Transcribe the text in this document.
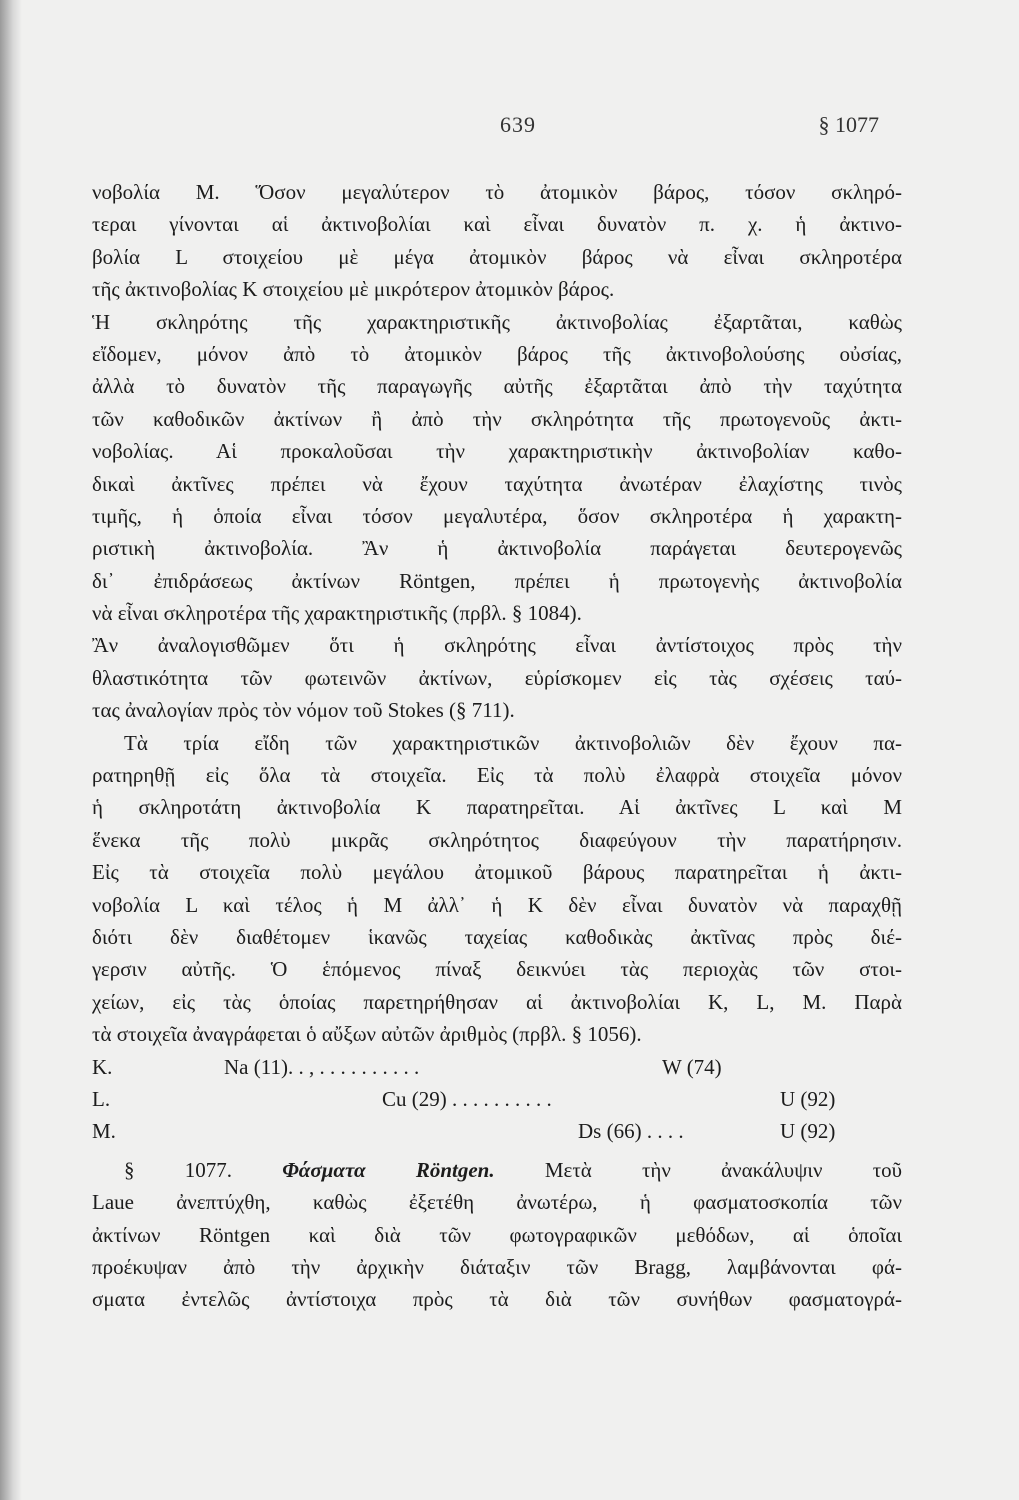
639	§ 1077
νοβολία Μ. Ὅσον μεγαλύτερον τὸ ἀτομικὸν βάρος, τόσον σκληρό-
τεραι γίνονται αἱ ἀκτινοβολίαι καὶ εἶναι δυνατὸν π. χ. ἡ ἀκτινο-
βολία L στοιχείου μὲ μέγα ἀτομικὸν βάρος νὰ εἶναι σκληροτέρα
τῆς ἀκτινοβολίας Κ στοιχείου μὲ μικρότερον ἀτομικὸν βάρος.
Ἡ σκληρότης τῆς χαρακτηριστικῆς ἀκτινοβολίας ἐξαρτᾶται, καθὼς
εἴδομεν, μόνον ἀπὸ τὸ ἀτομικὸν βάρος τῆς ἀκτινοβολούσης οὐσίας,
ἀλλὰ τὸ δυνατὸν τῆς παραγωγῆς αὐτῆς ἐξαρτᾶται ἀπὸ τὴν ταχύτητα
τῶν καθοδικῶν ἀκτίνων ἢ ἀπὸ τὴν σκληρότητα τῆς πρωτογενοῦς ἀκτι-
νοβολίας. Αἱ προκαλοῦσαι τὴν χαρακτηριστικὴν ἀκτινοβολίαν καθο-
δικαὶ ἀκτῖνες πρέπει νὰ ἔχουν ταχύτητα ἀνωτέραν ἐλαχίστης τινὸς
τιμῆς, ἡ ὁποία εἶναι τόσον μεγαλυτέρα, ὅσον σκληροτέρα ἡ χαρακτη-
ριστικὴ ἀκτινοβολία. Ἂν ἡ ἀκτινοβολία παράγεται δευτερογενῶς
δι᾿ ἐπιδράσεως ἀκτίνων Röntgen, πρέπει ἡ πρωτογενὴς ἀκτινοβολία
νὰ εἶναι σκληροτέρα τῆς χαρακτηριστικῆς (πρβλ. § 1084).
Ἂν ἀναλογισθῶμεν ὅτι ἡ σκληρότης εἶναι ἀντίστοιχος πρὸς τὴν
θλαστικότητα τῶν φωτεινῶν ἀκτίνων, εὑρίσκομεν εἰς τὰς σχέσεις ταύ-
τας ἀναλογίαν πρὸς τὸν νόμον τοῦ Stokes (§ 711).
Τὰ τρία εἴδη τῶν χαρακτηριστικῶν ἀκτινοβολιῶν δὲν ἔχουν πα-
ρατηρηθῇ εἰς ὅλα τὰ στοιχεῖα. Εἰς τὰ πολὺ ἐλαφρὰ στοιχεῖα μόνον
ἡ σκληροτάτη ἀκτινοβολία Κ παρατηρεῖται. Αἱ ἀκτῖνες L καὶ Μ
ἕνεκα τῆς πολὺ μικρᾶς σκληρότητος διαφεύγουν τὴν παρατήρησιν.
Εἰς τὰ στοιχεῖα πολὺ μεγάλου ἀτομικοῦ βάρους παρατηρεῖται ἡ ἀκτι-
νοβολία L καὶ τέλος ἡ Μ ἀλλ᾿ ἡ Κ δὲν εἶναι δυνατὸν νὰ παραχθῇ
διότι δὲν διαθέτομεν ἱκανῶς ταχείας καθοδικὰς ἀκτῖνας πρὸς διέ-
γερσιν αὐτῆς. Ὁ ἑπόμενος πίναξ δεικνύει τὰς περιοχὰς τῶν στοι-
χείων, εἰς τὰς ὁποίας παρετηρήθησαν αἱ ἀκτινοβολίαι Κ, L, Μ. Παρὰ
τὰ στοιχεῖα ἀναγράφεται ὁ αὔξων αὐτῶν ἀριθμὸς (πρβλ. § 1056).
Κ.	Na (11). . , . . . . . . . . . .	W (74)
L.	Cu (29) . . . . . . . . . .	U (92)
Μ.	Ds (66) . . . .	U (92)
§ 1077. Φάσματα Röntgen. Μετὰ τὴν ἀνακάλυψιν τοῦ
Laue ἀνεπτύχθη, καθὼς ἐξετέθη ἀνωτέρω, ἡ φασματοσκοπία τῶν
ἀκτίνων Röntgen καὶ διὰ τῶν φωτογραφικῶν μεθόδων, αἱ ὁποῖαι
προέκυψαν ἀπὸ τὴν ἀρχικὴν διάταξιν τῶν Bragg, λαμβάνονται φά-
σματα ἐντελῶς ἀντίστοιχα πρὸς τὰ διὰ τῶν συνήθων φασματογρά-
